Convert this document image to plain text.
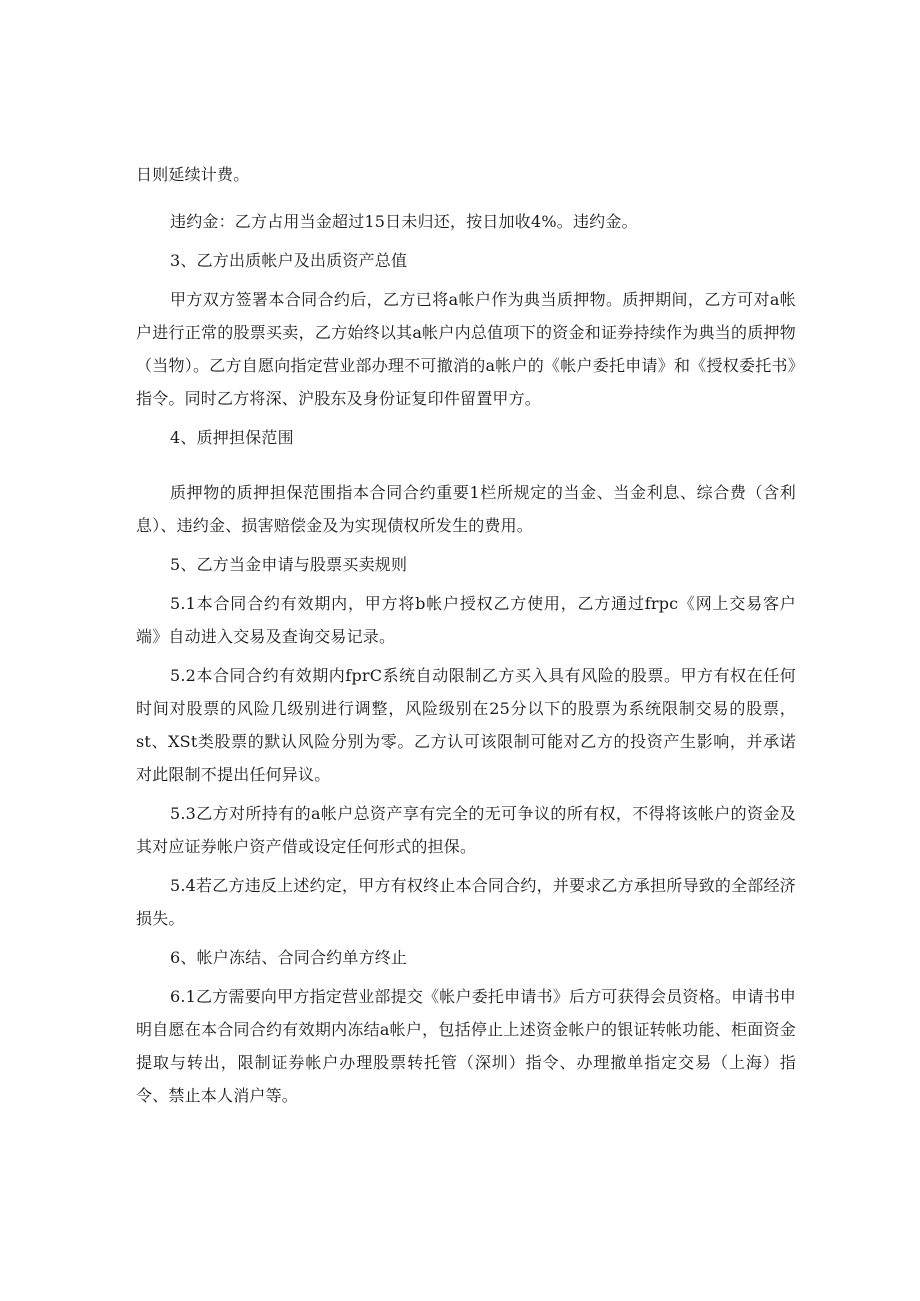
日则延续计费。

违约金：乙方占用当金超过15日未归还，按日加收4%。违约金。

3、乙方出质帐户及出质资产总值

甲方双方签署本合同合约后，乙方已将a帐户作为典当质押物。质押期间，乙方可对a帐户进行正常的股票买卖，乙方始终以其a帐户内总值项下的资金和证券持续作为典当的质押物（当物）。乙方自愿向指定营业部办理不可撤消的a帐户的《帐户委托申请》和《授权委托书》指令。同时乙方将深、沪股东及身份证复印件留置甲方。

4、质押担保范围

质押物的质押担保范围指本合同合约重要1栏所规定的当金、当金利息、综合费（含利息）、违约金、损害赔偿金及为实现债权所发生的费用。

5、乙方当金申请与股票买卖规则

5.1本合同合约有效期内，甲方将b帐户授权乙方使用，乙方通过frpc《网上交易客户端》自动进入交易及查询交易记录。

5.2本合同合约有效期内fprC系统自动限制乙方买入具有风险的股票。甲方有权在任何时间对股票的风险几级别进行调整，风险级别在25分以下的股票为系统限制交易的股票，st、XSt类股票的默认风险分别为零。乙方认可该限制可能对乙方的投资产生影响，并承诺对此限制不提出任何异议。

5.3乙方对所持有的a帐户总资产享有完全的无可争议的所有权，不得将该帐户的资金及其对应证券帐户资产借或设定任何形式的担保。

5.4若乙方违反上述约定，甲方有权终止本合同合约，并要求乙方承担所导致的全部经济损失。

6、帐户冻结、合同合约单方终止

6.1乙方需要向甲方指定营业部提交《帐户委托申请书》后方可获得会员资格。申请书申明自愿在本合同合约有效期内冻结a帐户，包括停止上述资金帐户的银证转帐功能、柜面资金提取与转出，限制证券帐户办理股票转托管（深圳）指令、办理撤单指定交易（上海）指令、禁止本人消户等。
